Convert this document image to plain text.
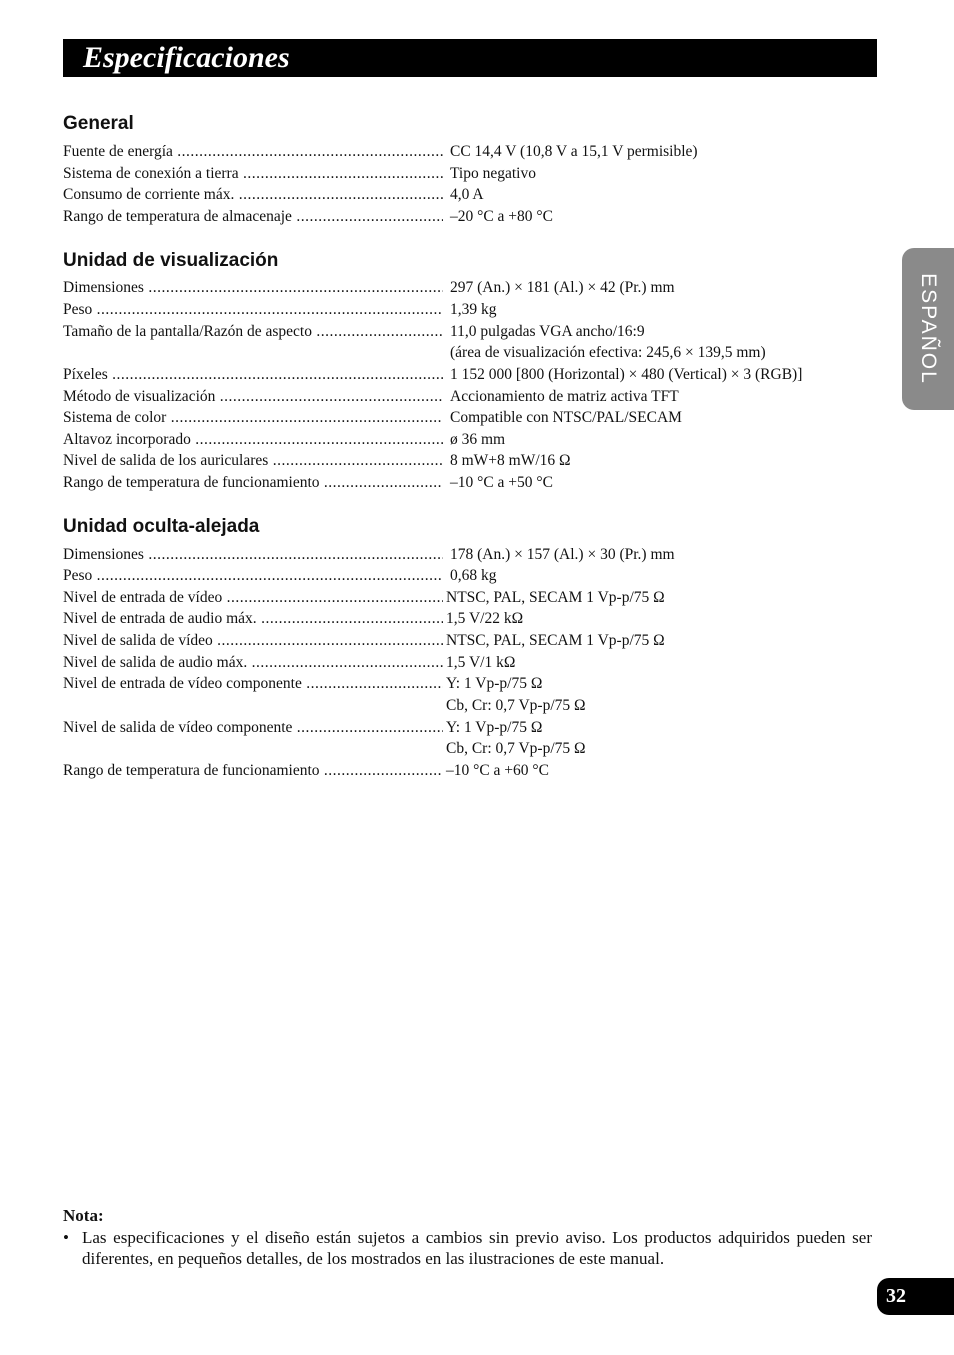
Especificaciones
ESPAÑOL
General
Fuente de energía .....	CC 14,4 V (10,8 V a 15,1 V permisible)
Sistema de conexión a tierra .....	Tipo negativo
Consumo de corriente máx. .....	4,0 A
Rango de temperatura de almacenaje .....	–20 °C a +80 °C
Unidad de visualización
Dimensiones .....	297 (An.) × 181 (Al.) × 42 (Pr.) mm
Peso .....	1,39 kg
Tamaño de la pantalla/Razón de aspecto .....	11,0 pulgadas VGA ancho/16:9
(área de visualización efectiva: 245,6 × 139,5 mm)
Píxeles .....	1 152 000 [800 (Horizontal) × 480 (Vertical) × 3 (RGB)]
Método de visualización .....	Accionamiento de matriz activa TFT
Sistema de color .....	Compatible con NTSC/PAL/SECAM
Altavoz incorporado .....	ø 36 mm
Nivel de salida de los auriculares .....	8 mW+8 mW/16 Ω
Rango de temperatura de funcionamiento .....	–10 °C a +50 °C
Unidad oculta-alejada
Dimensiones .....	178 (An.) × 157 (Al.) × 30 (Pr.) mm
Peso .....	0,68 kg
Nivel de entrada de vídeo .....	NTSC, PAL, SECAM 1 Vp-p/75 Ω
Nivel de entrada de audio máx. .....	1,5 V/22 kΩ
Nivel de salida de vídeo .....	NTSC, PAL, SECAM 1 Vp-p/75 Ω
Nivel de salida de audio máx. .....	1,5 V/1 kΩ
Nivel de entrada de vídeo componente .....	Y: 1 Vp-p/75 Ω
Cb, Cr: 0,7 Vp-p/75 Ω
Nivel de salida de vídeo componente .....	Y: 1 Vp-p/75 Ω
Cb, Cr: 0,7 Vp-p/75 Ω
Rango de temperatura de funcionamiento .....	–10 °C a +60 °C
Nota:
• Las especificaciones y el diseño están sujetos a cambios sin previo aviso. Los productos adquiridos pueden ser diferentes, en pequeños detalles, de los mostrados en las ilustraciones de este manual.
32
